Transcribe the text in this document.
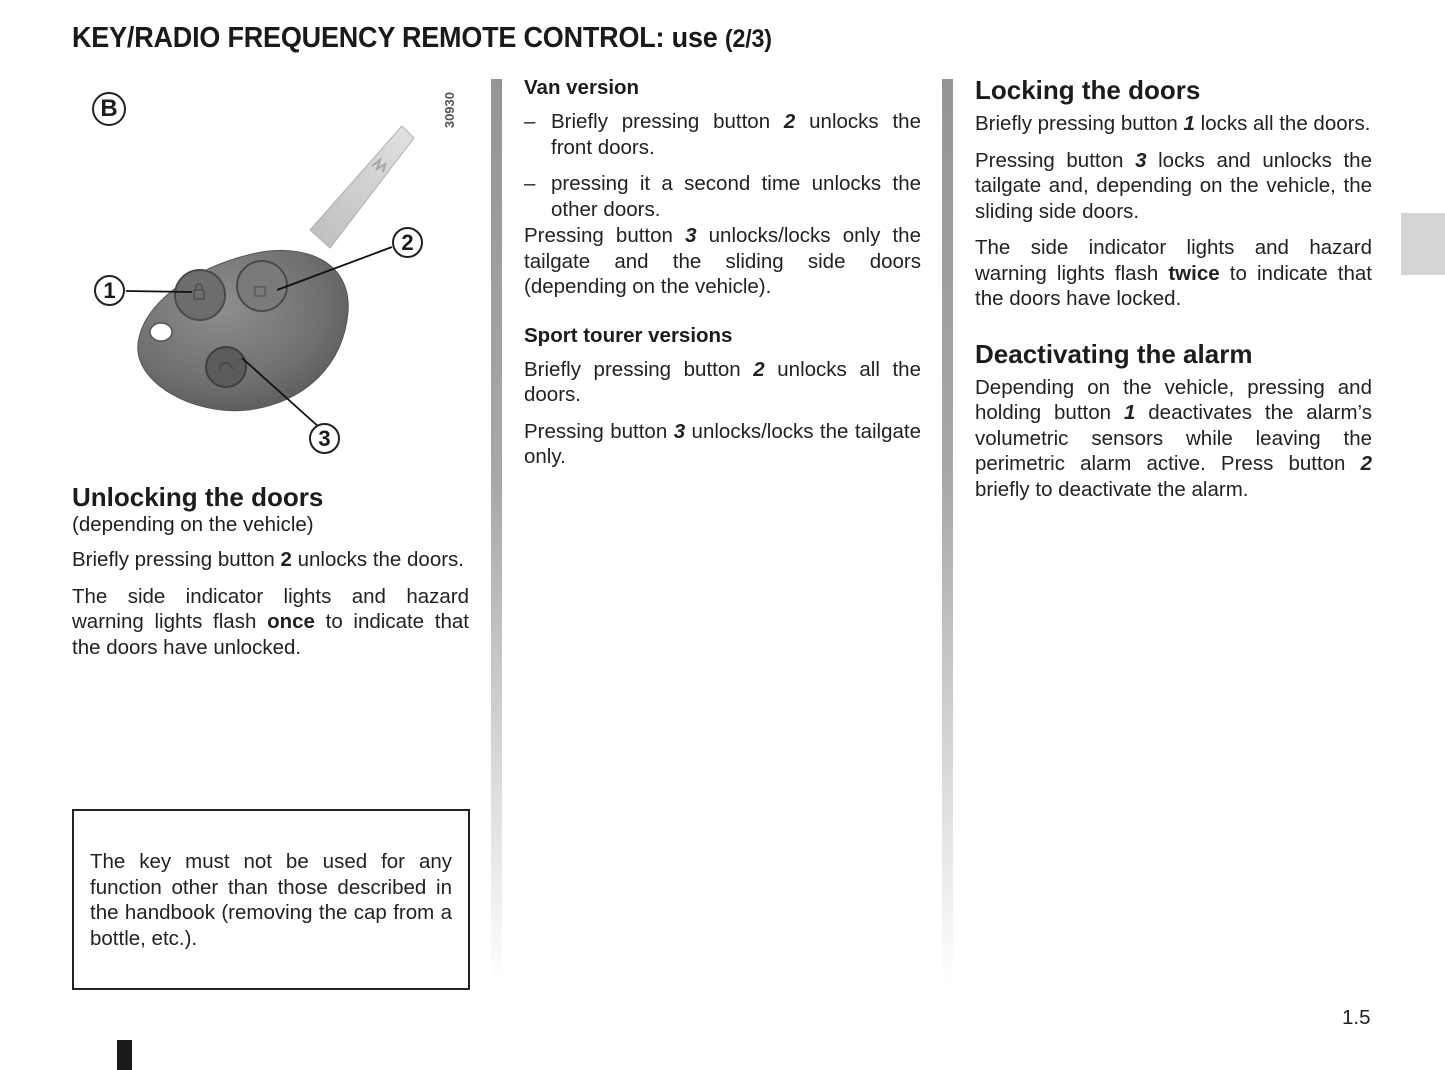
KEY/RADIO FREQUENCY REMOTE CONTROL: use (2/3)
B	30930
1
2
3
Unlocking the doors
(depending on the vehicle)

Briefly pressing button 2 unlocks the doors.

The side indicator lights and hazard warning lights flash once to indicate that the doors have unlocked.

The key must not be used for any function other than those described in the handbook (removing the cap from a bottle, etc.).

Van version
– Briefly pressing button 2 unlocks the front doors.
– pressing it a second time unlocks the other doors.

Pressing button 3 unlocks/locks only the tailgate and the sliding side doors (depending on the vehicle).

Sport tourer versions

Briefly pressing button 2 unlocks all the doors.

Pressing button 3 unlocks/locks the tailgate only.

Locking the doors

Briefly pressing button 1 locks all the doors.

Pressing button 3 locks and unlocks the tailgate and, depending on the vehicle, the sliding side doors.

The side indicator lights and hazard warning lights flash twice to indicate that the doors have locked.

Deactivating the alarm

Depending on the vehicle, pressing and holding button 1 deactivates the alarm’s volumetric sensors while leaving the perimetric alarm active. Press button 2 briefly to deactivate the alarm.

1.5
